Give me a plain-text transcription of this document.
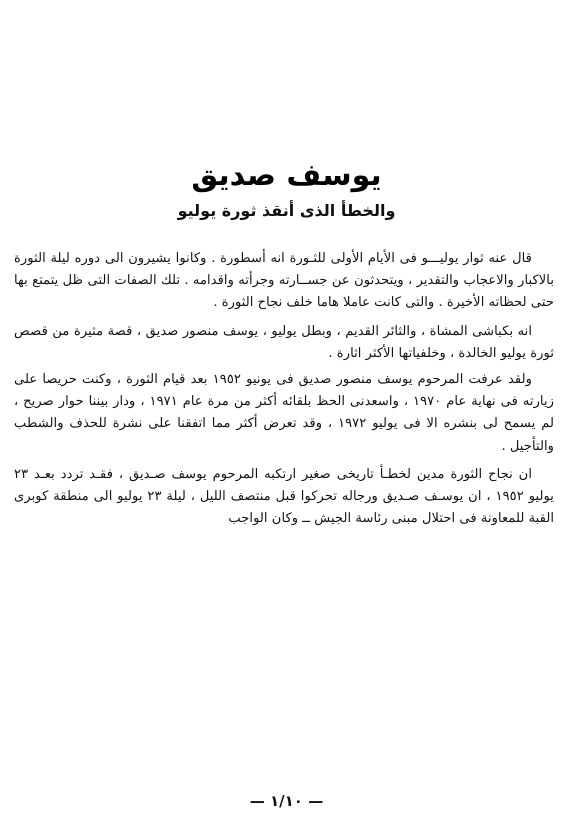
يوسف صديق
والخطأ الذى أنقذ ثورة يوليو

قال عنه ثوار يوليـــو فى الأيام الأولى للثـورة انه أسطورة . وكانوا يشيرون الى دوره ليلة الثورة بالاكبار والاعجاب والتقدير ، ويتحدثون عن جســارته وجرأته واقدامه . تلك الصفات التى ظل يتمتع بها حتى لحظاته الأخيرة . والتى كانت عاملا هاما خلف نجاح الثورة .

انه بكباشى المشاة ، والثائر القديم ، وبطل يوليو ، يوسف منصور صديق ، قصة مثيرة من قصص ثورة يوليو الخالدة ، وخلفياتها الأكثر اثارة .

ولقد عرفت المرحوم يوسف منصور صديق فى يونيو ١٩٥٢ بعد قيام الثورة ، وكنت حريصا على زيارته فى نهاية عام ١٩٧٠ ، واسعدنى الحظ بلقائه أكثر من مرة عام ١٩٧١ ، ودار بيننا حوار صريح ، لم يسمح لى بنشره الا فى يوليو ١٩٧٢ ، وقد تعرض أكثر مما اتفقنا على نشرة للحذف والشطب والتأجيل .

ان نجاح الثورة مدين لخطـأ تاريخى صغير ارتكبه المرحوم يوسف صـديق ، فقـد تردد بعـد ٢٣ يوليو ١٩٥٢ ، ان يوسـف صـديق ورجاله تحركوا قبل منتصف الليل ، ليلة ٢٣ يوليو الى منطقة كوبرى القبة للمعاونة فى احتلال مبنى رئاسة الجيش ــ وكان الواجب

— ١/١٠ —
